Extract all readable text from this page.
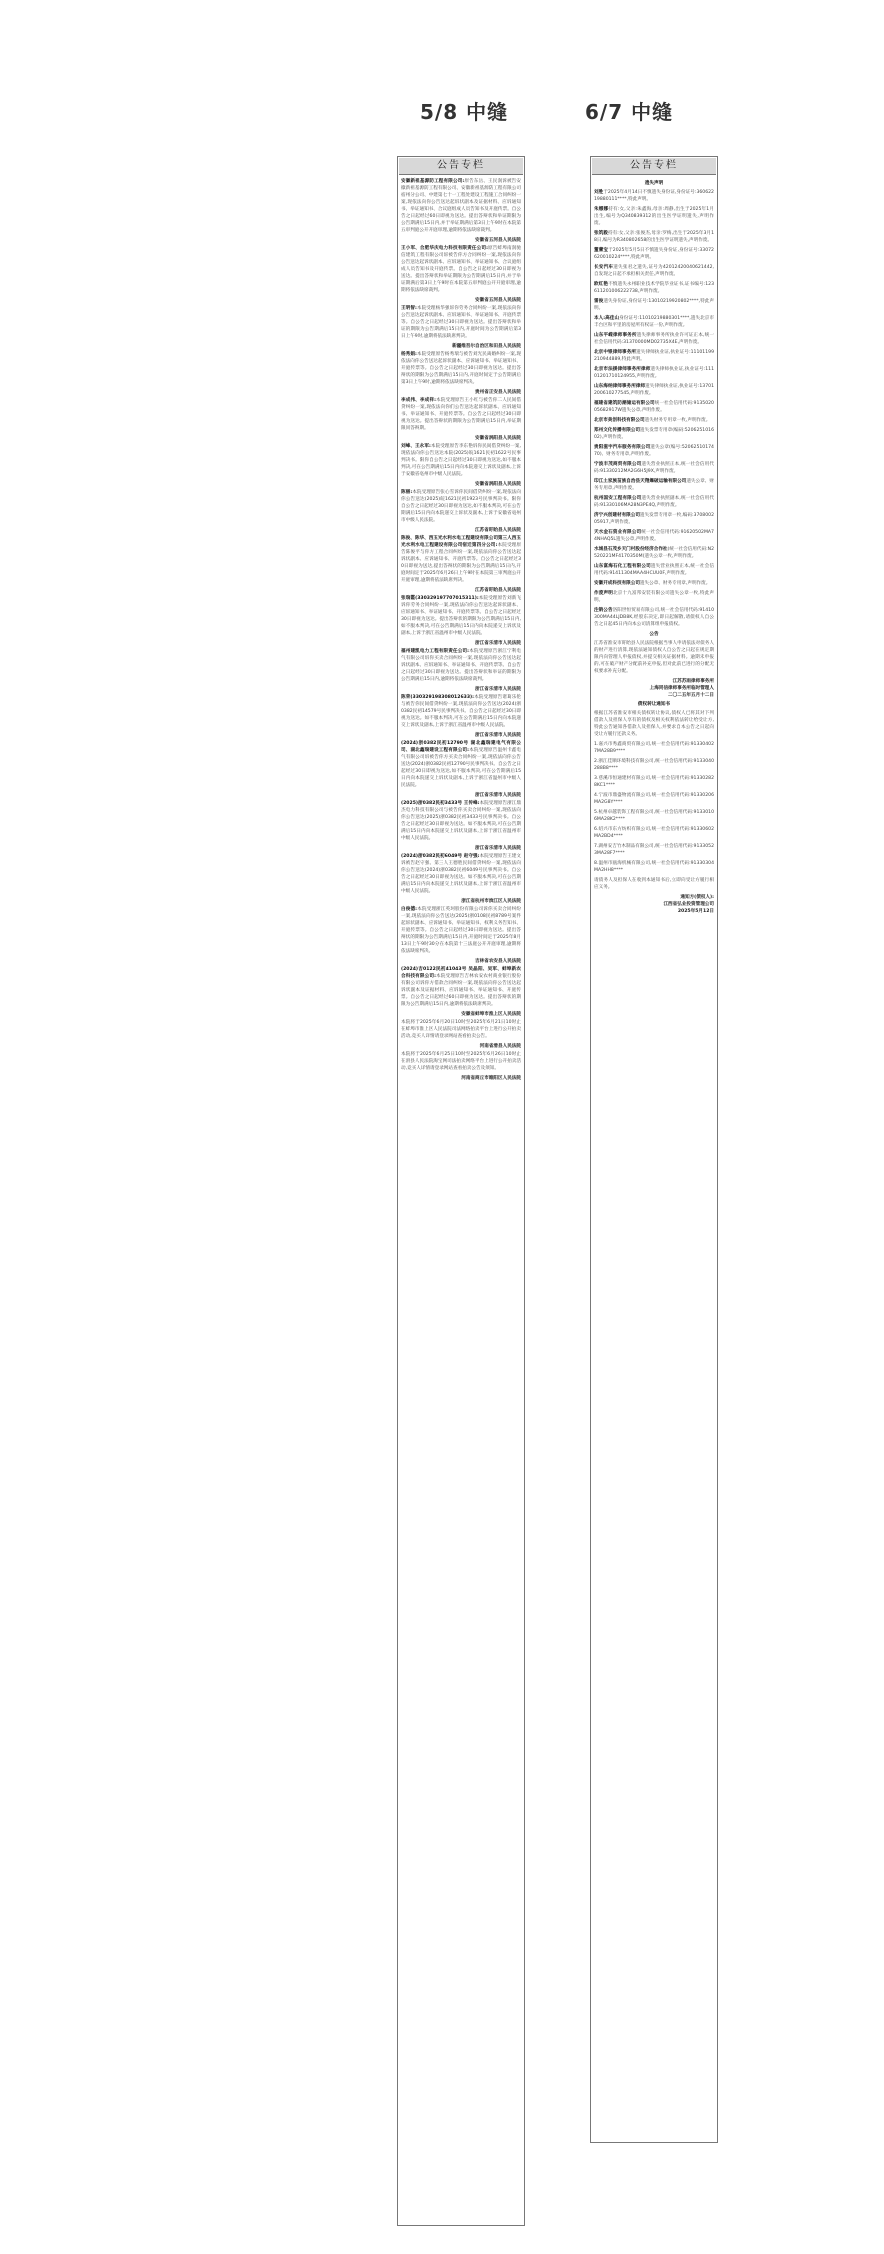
5/8 中缝	6/7 中缝
公告专栏
安徽新祖基源防工程有限公司:原告东岳、王民润诉被告安徽新祖基源防工程有限公司、安徽新祖基源防工程有限公司宿州分公司、中建第七十一工程处建设工程施工合同纠纷一案,现依法向你公告送达起诉状副本及证据材料、应诉通知书、举证通知书、合议庭组成人员告知书及开庭传票。自公告之日起经过60日即视为送达。提出答辩状和举证期限为公告期满后15日内,并于举证期满后第3日上午9时在本院第五审判庭公开开庭审理,逾期将依法缺席裁判。
安徽省五河县人民法院
王小军、合肥华庆电力科技有限责任公司:原告蚌埠南润驰信建筑工程有限公司诉被告你方合同纠纷一案,现依法向你公告送达起诉状副本、应诉通知书、举证通知书、合议庭组成人员告知书及开庭传票。自公告之日起经过30日即视为送达。提出答辩状和举证期限为公告期满后15日内,并于举证期满后第3日上午9时在本院第五审判庭公开开庭审理,逾期将依法缺席裁判。
安徽省五河县人民法院
王明智:本院受理杨华强诉你劳务合同纠纷一案,现依法向你公告送达起诉状副本、应诉通知书、举证通知书、开庭传票等。自公告之日起经过30日即视为送达。提出答辩状和举证的期限为公告期满后15日内,开庭时间为公告期满后第3日上午9时,逾期将依法缺席判决。
新疆维吾尔自治区和田县人民法院
杨秀娟:本院受理原告杨秀瑞与被告刘光民离婚纠纷一案,现依法向你公告送达起诉状副本、应诉通知书、举证通知书、开庭传票等。自公告之日起经过30日即视为送达。提出答辩状的期限为公告期满后15日内,开庭时间定于公告期满后第3日上午9时,逾期将依法缺席判决。
贵州省正安县人民法院
李成伟、李成祥:本院受理原告王小红与被告你二人民间借贷纠纷一案,现依法向你们公告送达起诉状副本、应诉通知书、举证通知书、开庭传票等。自公告之日起经过30日即视为送达。提出答辩状的期限为公告期满后15日内,举证期限同答辩期。
安徽省涡阳县人民法院
刘峰、王永军:本院受理原告李东艳诉你民间借贷纠纷一案,现依法向你公告送达本院(2025)皖1621民初1622号民事判决书。限你自公告之日起经过30日即视为送达,如不服本判决,可在公告期满后15日内向本院递交上诉状及副本,上诉于安徽省亳州市中级人民法院。
安徽省涡阳县人民法院
陈丽:本院受理原告张心雪诉你民间借贷纠纷一案,现依法向你公告送达(2025)皖1621民初1923号民事判决书。限你自公告之日起经过30日即视为送达,如不服本判决,可在公告期满后15日内向本院递交上诉状及副本,上诉于安徽省亳州市中级人民法院。
江苏省盱眙县人民法院
陈俊、陈华、西玉光水利水电工程建设有限公司第三人西玉光水利水电工程建设有限公司宿迁第四分公司:本院受理原告陈俊平与你方工程合同纠纷一案,现依法向你公告送达起诉状副本、应诉通知书、开庭传票等。自公告之日起经过30日即视为送达,提出答辩状的期限为公告期满后15日内,开庭时间定于2025年6月26日上午9时在本院第三审判庭公开开庭审理,逾期将依法缺席判决。
江苏省盱眙县人民法院
张瑞霞(330329197707015311):本院受理原告刘新飞诉你劳务合同纠纷一案,现依法向你公告送达起诉状副本、应诉通知书、举证通知书、开庭传票等。自公告之日起经过30日即视为送达。提出答辩状的期限为公告期满后15日内,如不服本判决,可在公告期满后15日内向本院递交上诉状及副本,上诉于浙江省温州市中级人民法院。
浙江省乐清市人民法院
福州建凯电力工程有限责任公司:本院受理原告浙江宁利电气有限公司诉你买卖合同纠纷一案,现依法向你公告送达起诉状副本、应诉通知书、举证通知书、开庭传票等。自公告之日起经过30日即视为送达。提出答辩状和举证的期限为公告期满后15日内,逾期将依法缺席裁判。
浙江省乐清市人民法院
陈荣(330329198308012633):本院受理原告诸葛乐伦与被告你民间借贷纠纷一案,现依法向你公告送达(2024)浙0382民初14579号民事判决书。自公告之日起经过30日即视为送达。如不服本判决,可在公告期满后15日内向本院递交上诉状及副本,上诉于浙江省温州市中级人民法院。
浙江省乐清市人民法院
(2024)浙0382民初12790号 湖北鑫瑞建电气有限公司、湖北鑫瑞建设工程有限公司:本院受理原告温州卡鑫电气有限公司诉被告你方买卖合同纠纷一案,现依法向你公告送达(2024)浙0382民初12790号民事判决书。自公告之日起经过30日即视为送达,如不服本判决,可在公告期满后15日内向本院递交上诉状及副本,上诉于浙江省温州市中级人民法院。
浙江省乐清市人民法院
(2025)浙0382民初3433号 王传峰:本院受理原告浙江鼎杰电力科技有限公司与被告你买卖合同纠纷一案,现依法向你公告送达(2025)浙0382民初3433号民事判决书。自公告之日起经过30日即视为送达。如不服本判决,可在公告期满后15日内向本院递交上诉状及副本,上诉于浙江省温州市中级人民法院。
浙江省乐清市人民法院
(2024)浙0382民初6049号 赵守强:本院受理原告王建文诉被告赵守强、第三人王德胜民间借贷纠纷一案,现依法向你公告送达(2024)浙0382民初6049号民事判决书。自公告之日起经过30日即视为送达。如不服本判决,可在公告期满后15日内向本院递交上诉状及副本,上诉于浙江省温州市中级人民法院。
浙江省杭州市滨江区人民法院
白俊德:本院受理浙江英珂股份有限公司诉你买卖合同纠纷一案,现依法向你公告送达(2025)浙0108民初8789号案件起诉状副本、应诉通知书、举证通知书、权利义务告知书、开庭传票等。自公告之日起经过30日即视为送达。提出答辩状的期限为公告期满后15日内,开庭时间定于2025年8月13日上午9时30分在本院第十三法庭公开开庭审理,逾期将依法缺席判决。
吉林省农安县人民法院
(2024)吉0122民初41043号 吴晶阳、吴军、蚌埠新农合科技有限公司:本院受理原告吉林农安农村商业银行股份有限公司诉你方借款合同纠纷一案,现依法向你公告送达起诉状副本及证据材料、应诉通知书、举证通知书、开庭传票。自公告之日起经过60日即视为送达。提出答辩状的期限为公告期满后15日内,逾期将依法缺席判决。
安徽省蚌埠市淮上区人民法院
本院将于2025年6月20日10时至2025年6月21日10时止在蚌埠市淮上区人民法院司法网络拍卖平台上进行公开拍卖活动,竞买人详情请登录网站查看拍卖公告。
河南省滑县人民法院
本院将于2025年6月25日10时至2025年6月26日10时止在滑县人民法院淘宝网司法拍卖网络平台上进行公开拍卖活动,竞买人详情请登录网站查看拍卖公告及须知。
河南省商丘市睢阳区人民法院
公告专栏
遗失声明
刘胜于2025年4月14日不慎遗失身份证,身份证号:36062219880111****,特此声明。
朱娜娜持有:女,父亲:朱鑫海,母亲:周静,出生于2025年1月出生,编号为Q340839312的出生医学证明遗失,声明作废。
张筑毅持有:女,父亲:张俊杰,母亲:罗梅,出生于2025年3月18日,编号为R340802658的出生医学证明遗失,声明作废。
董蕾宝于2025年5月5日不慎遗失身份证,身份证号:33072620010224****,特此声明。
长安汽车遗失张君之遗失,证号为42012420040621442,自发现之日起不承担相关责任,声明作废。
欧红艳不慎遗失永州职业技术学院毕业证书,证书编号:123611201006222738,声明作废。
雷俊遗失身份证,身份证号:13010219920802****,特此声明。
本人:高佳山身份证号:11010219880301****,遗失北京市丰台区和平里的房屋所有权证一份,声明作废。
山东平嵘律师事务所遗失律师事务所执业许可证正本,统一社会信用代码:31370000MD02735X4E,声明作废。
北京中银律师事务所遗失律师执业证,执业证号:11101199210944889,特此声明。
北京市法援律师事务所律师遗失律师执业证,执业证号:11101201710124955,声明作废。
山东海纳律师事务所律师遗失律师执业证,执业证号:13701200610277545,声明作废。
福建省建筑防潮储运有限公司统一社会信用代码:913502005682917W遗失公章,声明作废。
北京市美创科技有限公司遗失财务专用章一枚,声明作废。
郑州文化传播有限公司遗失发票专用章(编码:520625101602),声明作废。
贵阳滋宇汽车服务有限公司遗失公章(编号:5206251017470)、财务专用章,声明作废。
宁波丰茂商贸有限公司遗失营业执照正本,统一社会信用代码:91330212MA2G6H5J9X,声明作废。
印江土家族苗族自治县天翔爆破运输有限公司遗失公章、财务专用章,声明作废。
杭州国安工程有限公司遗失营业执照副本,统一社会信用代码:91330106MA28N3PE4Q,声明作废。
济宁兴创建材有限公司遗失发票专用章一枚,编码:370800205917,声明作废。
天水金石资业有限公司统一社会信用代码:91620502MA74NHAQ5L遗失公章,声明作废。
水城县石茂乡天门村股份经济合作社(统一社会信用代码:N2520221MF4170350M)遗失公章一枚,声明作废。
山东富海石化工程有限公司遗失营业执照正本,统一社会信用代码:91411304MAA4HCUU0F,声明作废。
安徽开成科技有限公司遗失公章、财务专用章,声明作废。
作废声明北京十九富邦安装有限公司遗失公章一枚,特此声明。
注销公告洛阳世恒贸易有限公司,统一社会信用代码:91410300MA44LJDB8K,经股东决定,即日起解散,请债权人自公告之日起45日内向本公司清算组申报债权。
公告
江苏省淮安市盱眙县人民法院根据当事人申请依法对债务人的财产进行清算,现依法通知债权人自公告之日起在规定期限内向管理人申报债权,并提交相关证据材料。逾期未申报的,可在破产财产分配前补充申报,但对此前已进行的分配无权要求补充分配。
江苏苏雨律师事务所
上海同信律师事务所临时管理人
二〇二五年五月十二日
债权转让通知书
根据江苏省淮安市相关债权转让协议,债权人已将其对下列借款人及担保人享有的债权及相关权利依法转让给受让方,特此公告通知各借款人及担保人,并要求自本公告之日起向受让方履行还款义务。
1.嘉兴市秀鑫商贸有限公司,统一社会信用代码:913304027MA28B9****
2.浙江佳顺环境科技有限公司,统一社会信用代码:9133040288B8****
3.慈溪市恒通建材有限公司,统一社会信用代码:913302828KC1****
4.宁波市鼎盛物流有限公司,统一社会信用代码:91330206MA2G8Y****
5.杭州卓越装饰工程有限公司,统一社会信用代码:91330106MA28K2****
6.绍兴市东方纺织有限公司,统一社会信用代码:91330602MA2BD4****
7.湖州安吉竹木制品有限公司,统一社会信用代码:91330523MA28F7****
8.温州市瓯海机械有限公司,统一社会信用代码:91330304MA2HH8****
请债务人及担保人在收到本通知书后,立即向受让方履行相应义务。
通知方(债权人):
江西省弘业投资管理公司
2025年5月12日
